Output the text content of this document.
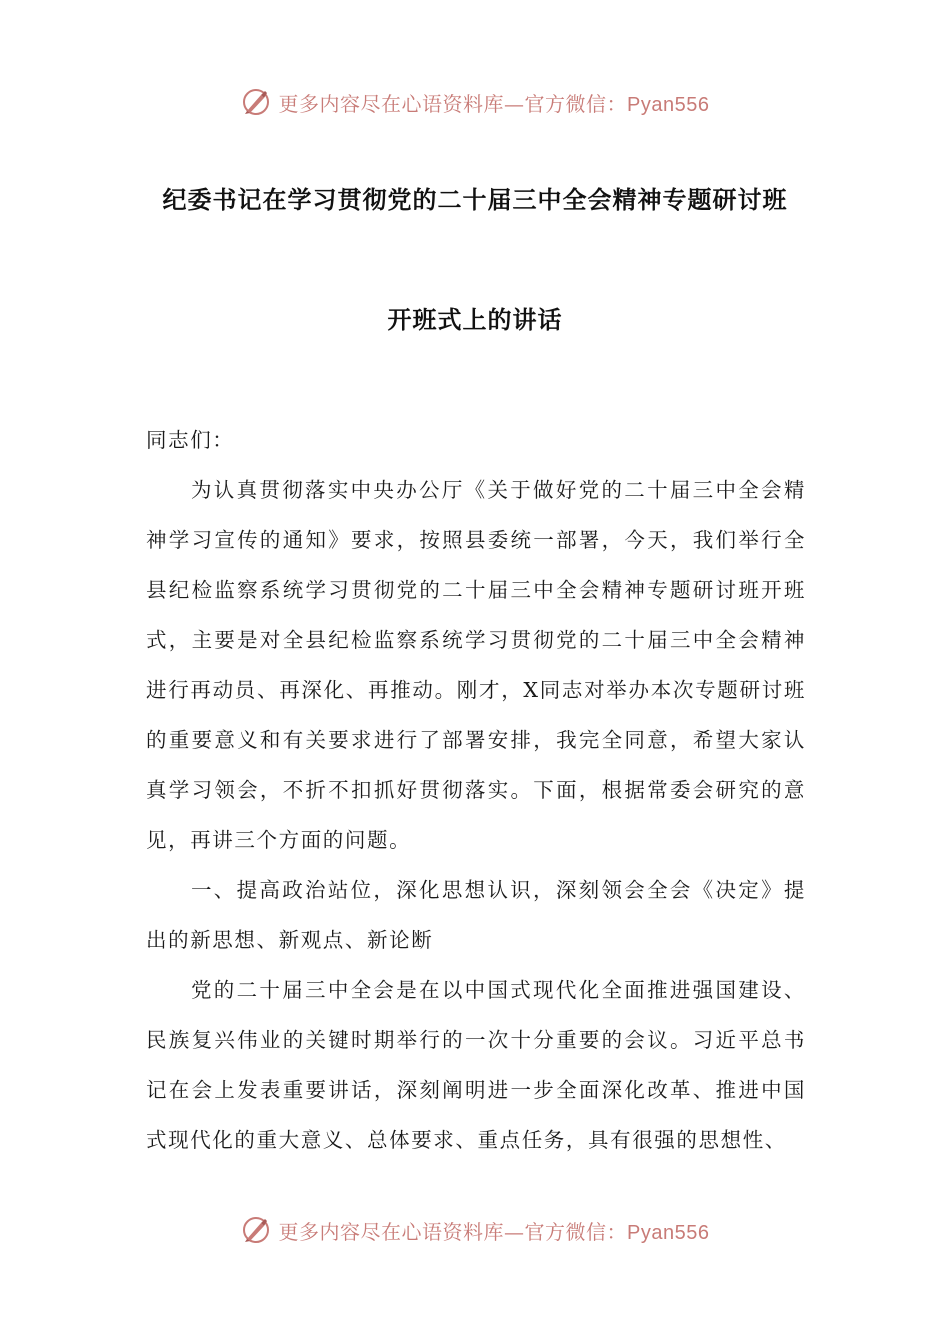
更多内容尽在心语资料库—官方微信：Pyan556
纪委书记在学习贯彻党的二十届三中全会精神专题研讨班
开班式上的讲话

同志们：

为认真贯彻落实中央办公厅《关于做好党的二十届三中全会精神学习宣传的通知》要求，按照县委统一部署，今天，我们举行全县纪检监察系统学习贯彻党的二十届三中全会精神专题研讨班开班式，主要是对全县纪检监察系统学习贯彻党的二十届三中全会精神进行再动员、再深化、再推动。刚才，X同志对举办本次专题研讨班的重要意义和有关要求进行了部署安排，我完全同意，希望大家认真学习领会，不折不扣抓好贯彻落实。下面，根据常委会研究的意见，再讲三个方面的问题。

一、提高政治站位，深化思想认识，深刻领会全会《决定》提出的新思想、新观点、新论断

党的二十届三中全会是在以中国式现代化全面推进强国建设、民族复兴伟业的关键时期举行的一次十分重要的会议。习近平总书记在会上发表重要讲话，深刻阐明进一步全面深化改革、推进中国式现代化的重大意义、总体要求、重点任务，具有很强的思想性、

更多内容尽在心语资料库—官方微信：Pyan556
